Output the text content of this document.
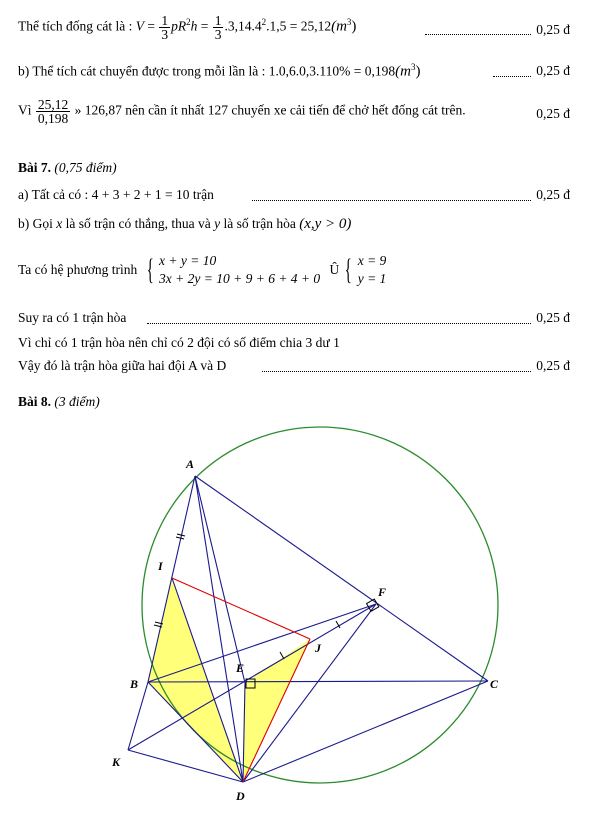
Thể tích đống cát là : $V = \frac{1}{3} pR^2h = \frac{1}{3} .3,14.4^2.1,5 = 25,12(m^3)$	0,25 đ
b) Thể tích cát chuyển được trong mỗi lần là : $1.0,6.0,3.110\% = 0,198(m^3)$	0,25 đ
Vì $\frac{25,12}{0,198}$ » 126,87 nên cần ít nhất 127 chuyến xe cải tiến để chở hết đống cát trên.	0,25 đ
Bài 7. (0,75 điểm)
a) Tất cả có : 4 + 3 + 2 + 1 = 10 trận	0,25 đ
b) Gọi x là số trận có thắng, thua và y là số trận hòa (x,y > 0)
Ta có hệ phương trình { x + y = 10
3x + 2y = 10 + 9 + 6 + 4 + 0
Û { x = 9
y = 1
Suy ra có 1 trận hòa	0,25 đ
Vì chỉ có 1 trận hòa nên chỉ có 2 đội có số điểm chia 3 dư 1
Vậy đó là trận hòa giữa hai đội A và D	0,25 đ
Bài 8. (3 điểm)
A
I
F
J
E
B	C
K
D
